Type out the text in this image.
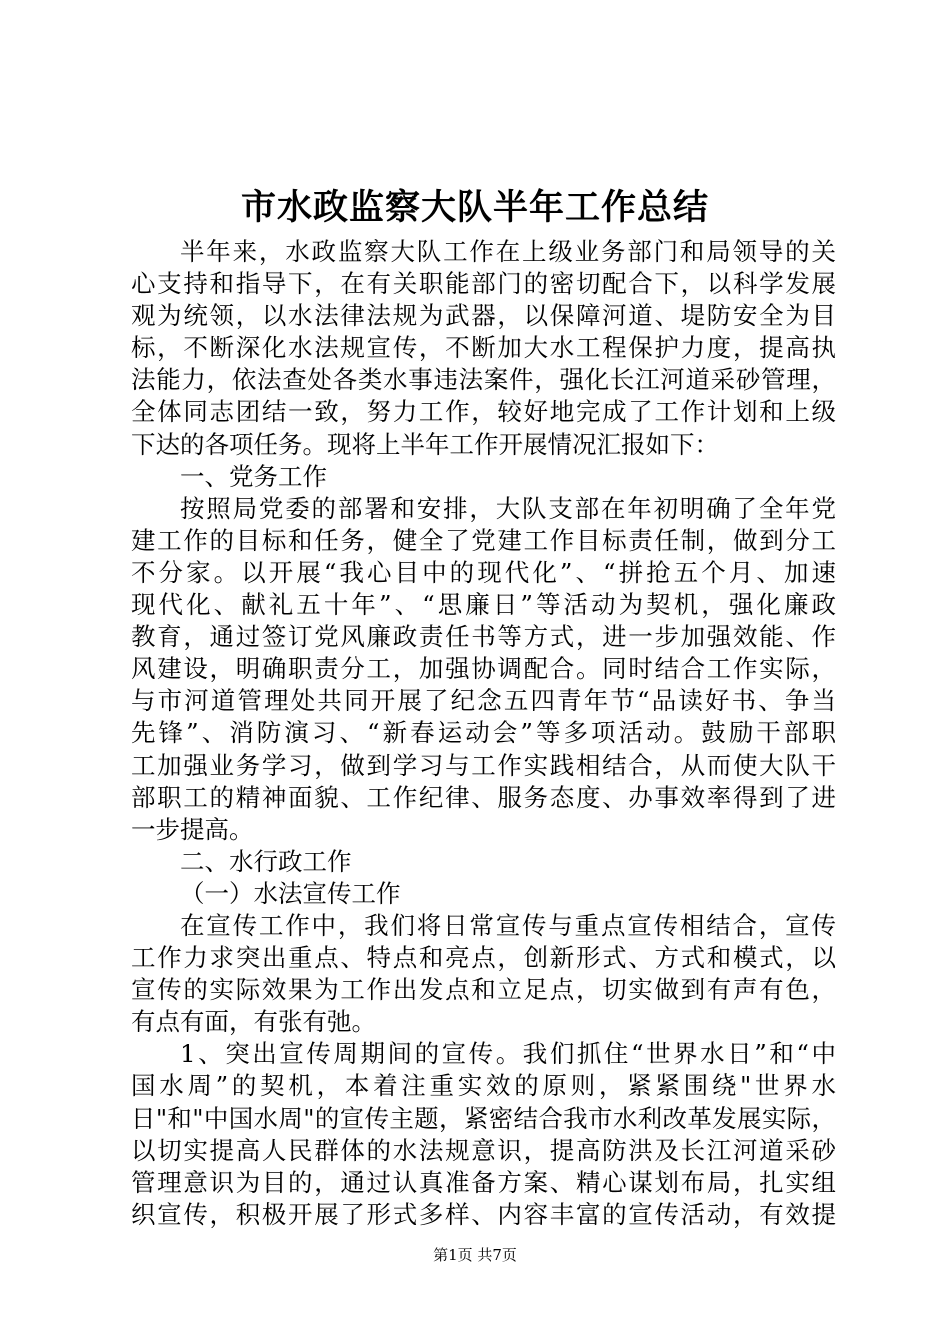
市水政监察大队半年工作总结
半年来，水政监察大队工作在上级业务部门和局领导的关
心支持和指导下，在有关职能部门的密切配合下，以科学发展
观为统领，以水法律法规为武器，以保障河道、堤防安全为目
标，不断深化水法规宣传，不断加大水工程保护力度，提高执
法能力，依法查处各类水事违法案件，强化长江河道采砂管理，
全体同志团结一致，努力工作，较好地完成了工作计划和上级
下达的各项任务。现将上半年工作开展情况汇报如下：
一、党务工作
按照局党委的部署和安排，大队支部在年初明确了全年党
建工作的目标和任务，健全了党建工作目标责任制，做到分工
不分家。以开展“我心目中的现代化”、“拼抢五个月、加速
现代化、献礼五十年”、“思廉日”等活动为契机，强化廉政
教育，通过签订党风廉政责任书等方式，进一步加强效能、作
风建设，明确职责分工，加强协调配合。同时结合工作实际，
与市河道管理处共同开展了纪念五四青年节“品读好书、争当
先锋”、消防演习、“新春运动会”等多项活动。鼓励干部职
工加强业务学习，做到学习与工作实践相结合，从而使大队干
部职工的精神面貌、工作纪律、服务态度、办事效率得到了进
一步提高。
二、水行政工作
（一）水法宣传工作
在宣传工作中，我们将日常宣传与重点宣传相结合，宣传
工作力求突出重点、特点和亮点，创新形式、方式和模式，以
宣传的实际效果为工作出发点和立足点，切实做到有声有色，
有点有面，有张有弛。
1、突出宣传周期间的宣传。我们抓住“世界水日”和“中
国水周”的契机，本着注重实效的原则，紧紧围绕"世界水
日"和"中国水周"的宣传主题，紧密结合我市水利改革发展实际，
以切实提高人民群体的水法规意识，提高防洪及长江河道采砂
管理意识为目的，通过认真准备方案、精心谋划布局，扎实组
织宣传，积极开展了形式多样、内容丰富的宣传活动，有效提
第1页 共7页
